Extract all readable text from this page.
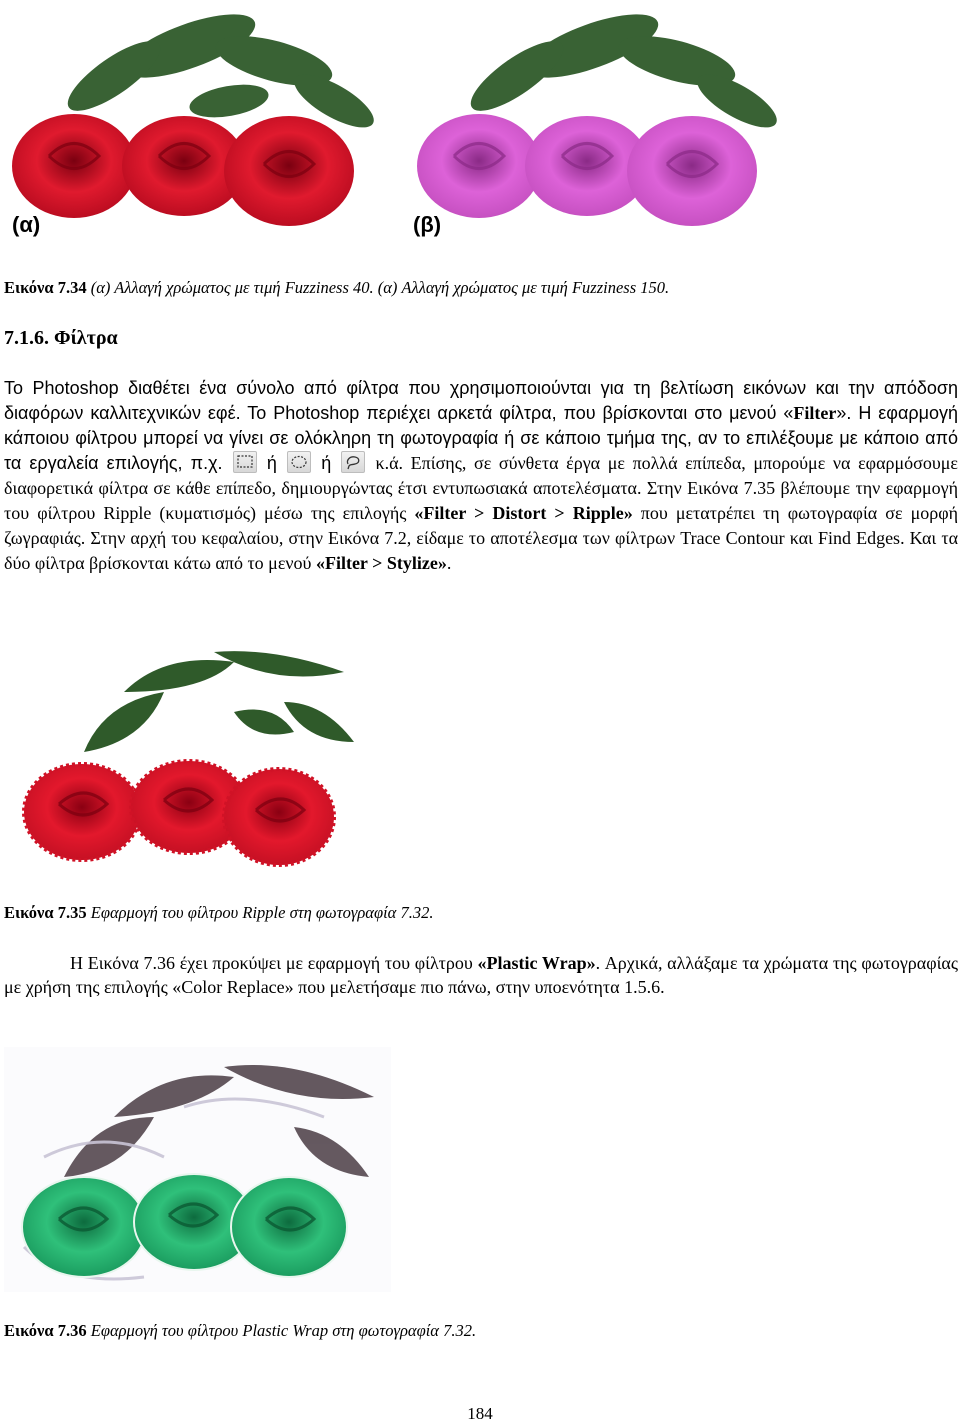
(α)	(β)
Εικόνα 7.34 (α) Αλλαγή χρώματος με τιμή Fuzziness 40. (α) Αλλαγή χρώματος με τιμή Fuzziness 150.
7.1.6. Φίλτρα

Το Photoshop διαθέτει ένα σύνολο από φίλτρα που χρησιμοποιούνται για τη βελτίωση εικόνων και την απόδοση διαφόρων καλλιτεχνικών εφέ. Το Photoshop περιέχει αρκετά φίλτρα, που βρίσκονται στο μενού «Filter». Η εφαρμογή κάποιου φίλτρου μπορεί να γίνει σε ολόκληρη τη φωτογραφία ή σε κάποιο τμήμα της, αν το επιλέξουμε με κάποιο από τα εργαλεία επιλογής, π.χ. ή ή κ.ά. Επίσης, σε σύνθετα έργα με πολλά επίπεδα, μπορούμε να εφαρμόσουμε διαφορετικά φίλτρα σε κάθε επίπεδο, δημιουργώντας έτσι εντυπωσιακά αποτελέσματα. Στην Εικόνα 7.35 βλέπουμε την εφαρμογή του φίλτρου Ripple (κυματισμός) μέσω της επιλογής «Filter > Distort > Ripple» που μετατρέπει τη φωτογραφία σε μορφή ζωγραφιάς. Στην αρχή του κεφαλαίου, στην Εικόνα 7.2, είδαμε το αποτέλεσμα των φίλτρων Trace Contour και Find Edges. Και τα δύο φίλτρα βρίσκονται κάτω από το μενού «Filter > Stylize».

Εικόνα 7.35 Εφαρμογή του φίλτρου Ripple στη φωτογραφία 7.32.

Η Εικόνα 7.36 έχει προκύψει με εφαρμογή του φίλτρου «Plastic Wrap». Αρχικά, αλλάξαμε τα χρώματα της φωτογραφίας με χρήση της επιλογής «Color Replace» που μελετήσαμε πιο πάνω, στην υποενότητα 1.5.6.

Εικόνα 7.36 Εφαρμογή του φίλτρου Plastic Wrap στη φωτογραφία 7.32.
184
